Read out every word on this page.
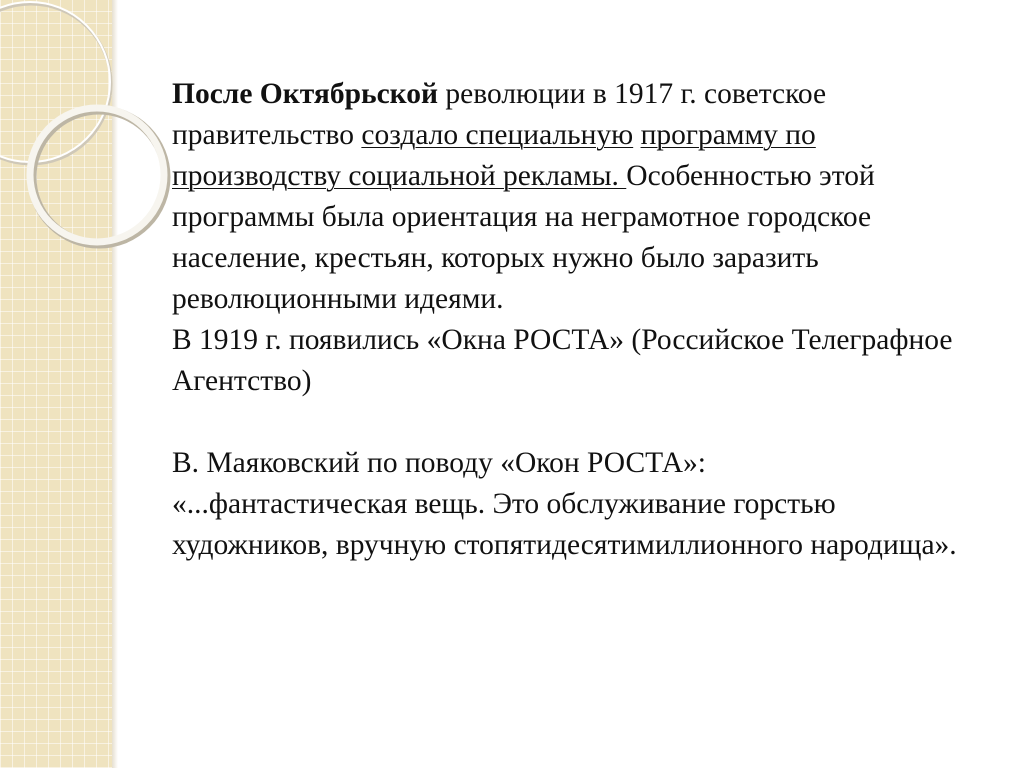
После Октябрьской революции в 1917 г. советское правительство создало специальную программу по производству социальной рекламы. Особенностью этой программы была ориентация на неграмотное городское население, крестьян, которых нужно было заразить революционными идеями.

В 1919 г. появились «Окна РОСТА» (Российское Телеграфное Агентство)

В. Маяковский по поводу «Окон РОСТА»:

«...фантастическая вещь. Это обслуживание горстью художников, вручную стопятидесятимиллионного народища».
